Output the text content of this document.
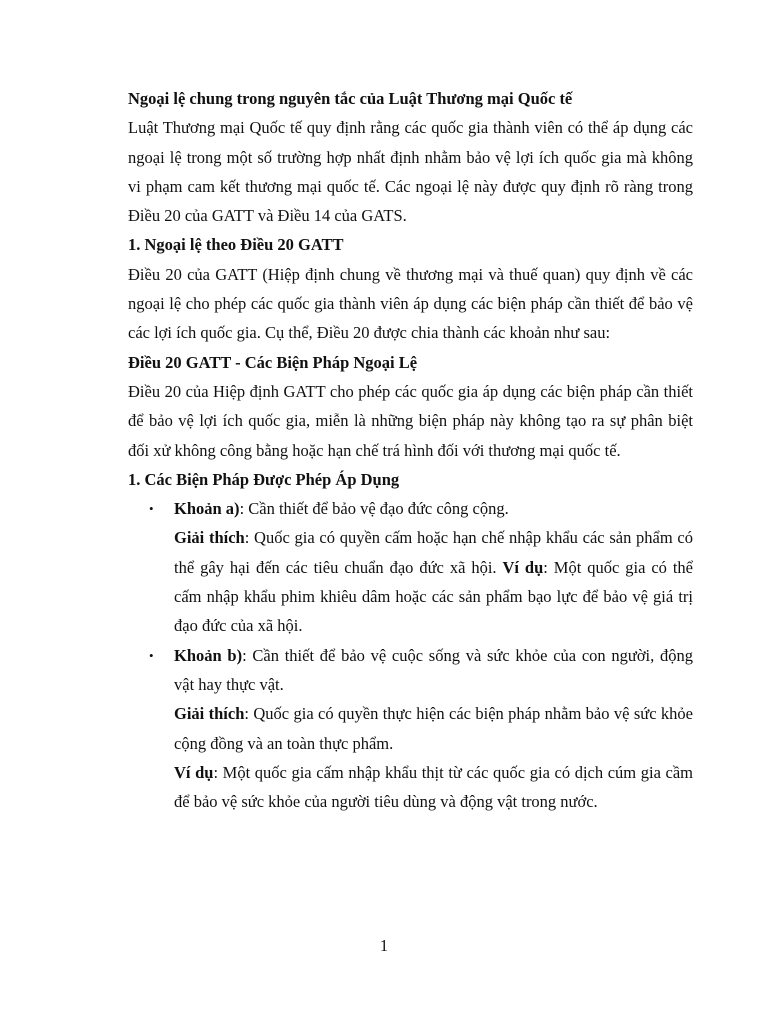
Ngoại lệ chung trong nguyên tắc của Luật Thương mại Quốc tế

Luật Thương mại Quốc tế quy định rằng các quốc gia thành viên có thể áp dụng các ngoại lệ trong một số trường hợp nhất định nhằm bảo vệ lợi ích quốc gia mà không vi phạm cam kết thương mại quốc tế. Các ngoại lệ này được quy định rõ ràng trong Điều 20 của GATT và Điều 14 của GATS.

1. Ngoại lệ theo Điều 20 GATT

Điều 20 của GATT (Hiệp định chung về thương mại và thuế quan) quy định về các ngoại lệ cho phép các quốc gia thành viên áp dụng các biện pháp cần thiết để bảo vệ các lợi ích quốc gia. Cụ thể, Điều 20 được chia thành các khoản như sau:

Điều 20 GATT - Các Biện Pháp Ngoại Lệ

Điều 20 của Hiệp định GATT cho phép các quốc gia áp dụng các biện pháp cần thiết để bảo vệ lợi ích quốc gia, miễn là những biện pháp này không tạo ra sự phân biệt đối xử không công bằng hoặc hạn chế trá hình đối với thương mại quốc tế.

1. Các Biện Pháp Được Phép Áp Dụng

• Khoản a): Cần thiết để bảo vệ đạo đức công cộng.

Giải thích: Quốc gia có quyền cấm hoặc hạn chế nhập khẩu các sản phẩm có thể gây hại đến các tiêu chuẩn đạo đức xã hội. Ví dụ: Một quốc gia có thể cấm nhập khẩu phim khiêu dâm hoặc các sản phẩm bạo lực để bảo vệ giá trị đạo đức của xã hội.

• Khoản b): Cần thiết để bảo vệ cuộc sống và sức khỏe của con người, động vật hay thực vật.

Giải thích: Quốc gia có quyền thực hiện các biện pháp nhằm bảo vệ sức khỏe cộng đồng và an toàn thực phẩm.

Ví dụ: Một quốc gia cấm nhập khẩu thịt từ các quốc gia có dịch cúm gia cầm để bảo vệ sức khỏe của người tiêu dùng và động vật trong nước.

1
